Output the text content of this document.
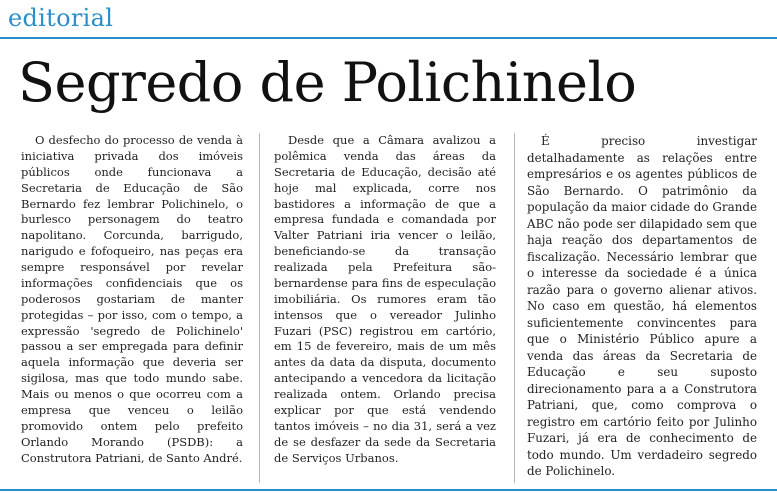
editorial
Segredo de Polichinelo

O desfecho do processo de venda à iniciativa privada dos imóveis públicos onde funcionava a Secretaria de Educação de São Bernardo fez lembrar Polichinelo, o burlesco personagem do teatro napolitano. Corcunda, barrigudo, narigudo e fofoqueiro, nas peças era sempre responsável por revelar informações confidenciais que os poderosos gostariam de manter protegidas – por isso, com o tempo, a expressão 'segredo de Polichinelo' passou a ser empregada para definir aquela informação que deveria ser sigilosa, mas que todo mundo sabe. Mais ou menos o que ocorreu com a empresa que venceu o leilão promovido ontem pelo prefeito Orlando Morando (PSDB): a Construtora Patriani, de Santo André.

Desde que a Câmara avalizou a polêmica venda das áreas da Secretaria de Educação, decisão até hoje mal explicada, corre nos bastidores a informação de que a empresa fundada e comandada por Valter Patriani iria vencer o leilão, beneficiando-se da transação realizada pela Prefeitura são-bernardense para fins de especulação imobiliária. Os rumores eram tão intensos que o vereador Julinho Fuzari (PSC) registrou em cartório, em 15 de fevereiro, mais de um mês antes da data da disputa, documento antecipando a vencedora da licitação realizada ontem. Orlando precisa explicar por que está vendendo tantos imóveis – no dia 31, será a vez de se desfazer da sede da Secretaria de Serviços Urbanos.

É preciso investigar detalhadamente as relações entre empresários e os agentes públicos de São Bernardo. O patrimônio da população da maior cidade do Grande ABC não pode ser dilapidado sem que haja reação dos departamentos de fiscalização. Necessário lembrar que o interesse da sociedade é a única razão para o governo alienar ativos. No caso em questão, há elementos suficientemente convincentes para que o Ministério Público apure a venda das áreas da Secretaria de Educação e seu suposto direcionamento para a a Construtora Patriani, que, como comprova o registro em cartório feito por Julinho Fuzari, já era de conhecimento de todo mundo. Um verdadeiro segredo de Polichinelo.
